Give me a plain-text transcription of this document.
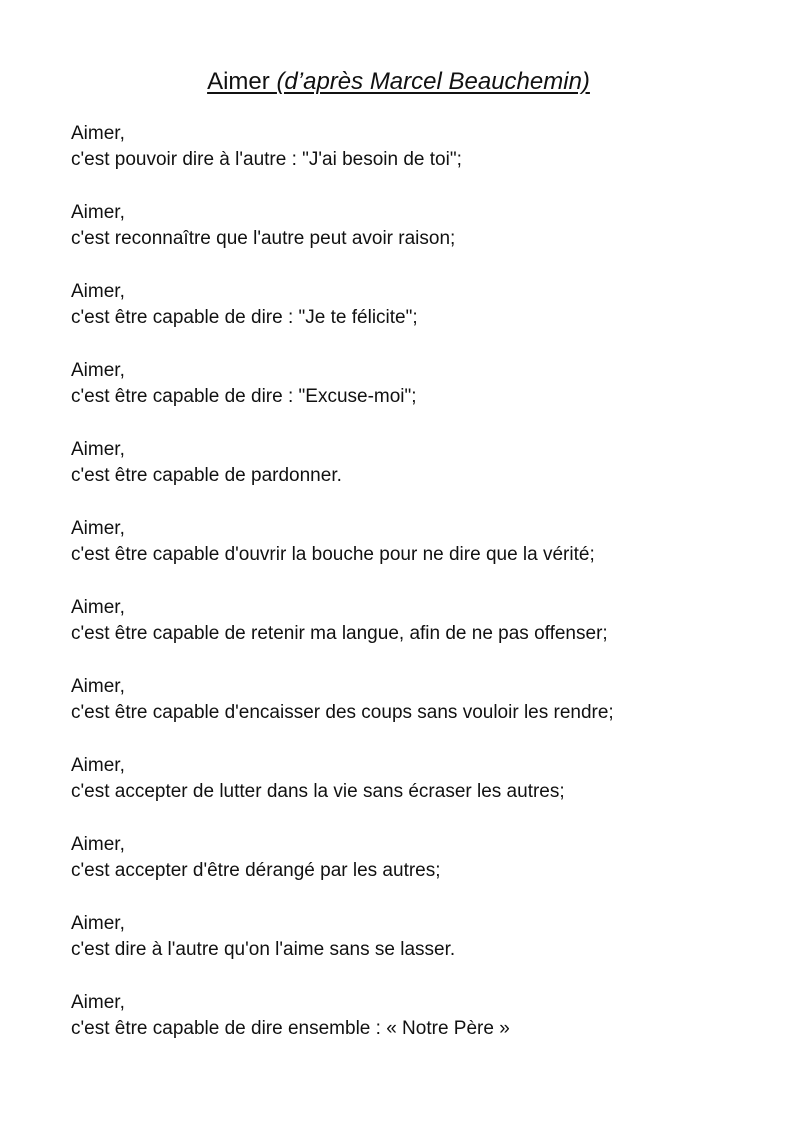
Aimer (d’après Marcel Beauchemin)
Aimer,
c'est pouvoir dire à l'autre : "J'ai besoin de toi";
Aimer,
c'est reconnaître que l'autre peut avoir raison;
Aimer,
c'est être capable de dire : "Je te félicite";
Aimer,
c'est être capable de dire : "Excuse-moi";
Aimer,
c'est être capable de pardonner.
Aimer,
c'est être capable d'ouvrir la bouche pour ne dire que la vérité;
Aimer,
c'est être capable de retenir ma langue, afin de ne pas offenser;
Aimer,
c'est être capable d'encaisser des coups sans vouloir les rendre;
Aimer,
c'est accepter de lutter dans la vie sans écraser les autres;
Aimer,
c'est accepter d'être dérangé par les autres;
Aimer,
c'est dire à l'autre qu'on l'aime sans se lasser.
Aimer,
c'est être capable de dire ensemble : « Notre Père »
